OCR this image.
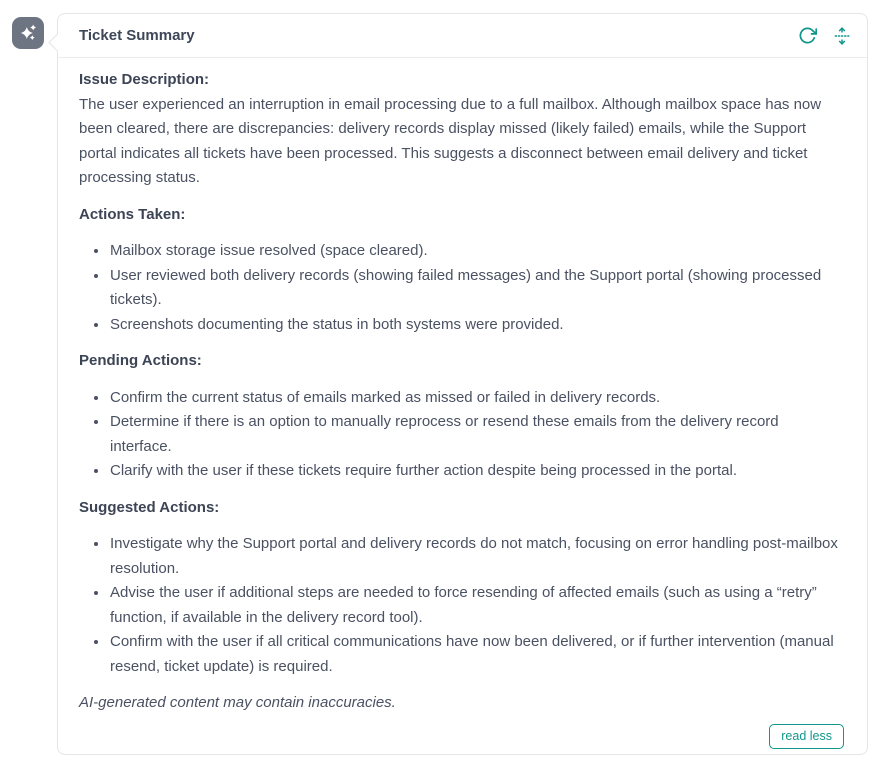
Ticket Summary
Issue Description:

The user experienced an interruption in email processing due to a full mailbox. Although mailbox space has now been cleared, there are discrepancies: delivery records display missed (likely failed) emails, while the Support portal indicates all tickets have been processed. This suggests a disconnect between email delivery and ticket processing status.

Actions Taken:
• Mailbox storage issue resolved (space cleared).
• User reviewed both delivery records (showing failed messages) and the Support portal (showing processed tickets).
• Screenshots documenting the status in both systems were provided.
Pending Actions:
• Confirm the current status of emails marked as missed or failed in delivery records.
• Determine if there is an option to manually reprocess or resend these emails from the delivery record interface.
• Clarify with the user if these tickets require further action despite being processed in the portal.
Suggested Actions:
• Investigate why the Support portal and delivery records do not match, focusing on error handling post-mailbox resolution.
• Advise the user if additional steps are needed to force resending of affected emails (such as using a “retry” function, if available in the delivery record tool).
• Confirm with the user if all critical communications have now been delivered, or if further intervention (manual resend, ticket update) is required.

AI-generated content may contain inaccuracies.

read less
